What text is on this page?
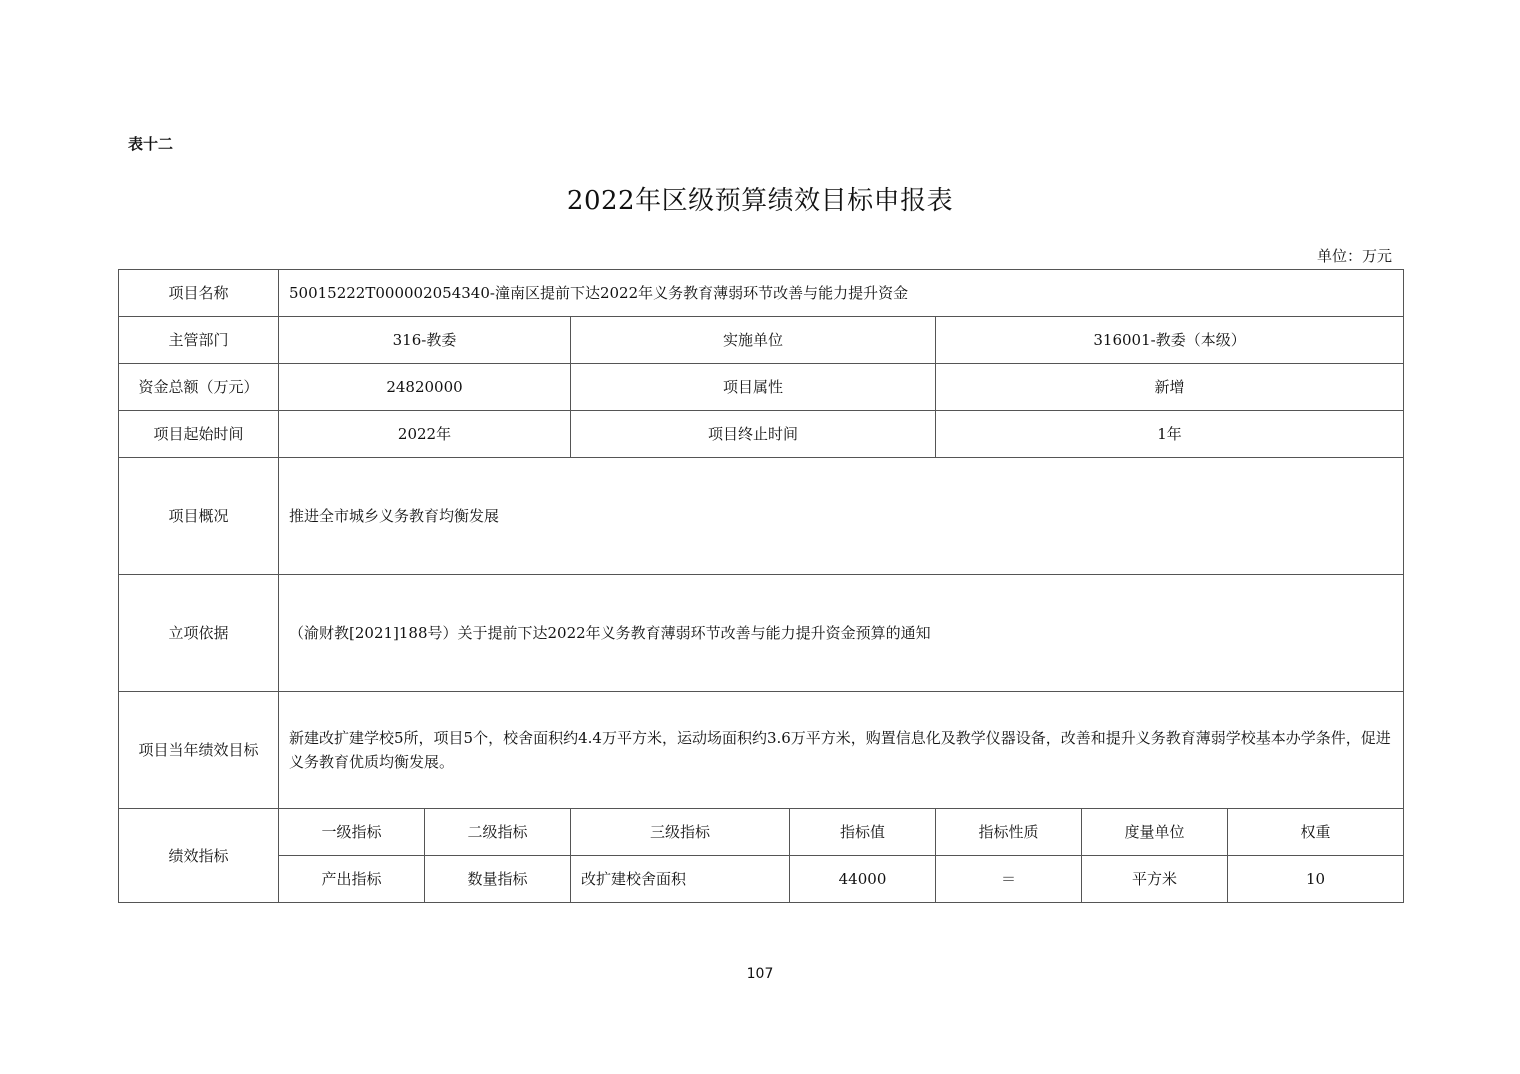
表十二
2022年区级预算绩效目标申报表
单位：万元
项目名称	50015222T000002054340-潼南区提前下达2022年义务教育薄弱环节改善与能力提升资金						
主管部门	316-教委		实施单位		316001-教委（本级）		
资金总额（万元）	24820000		项目属性		新增		
项目起始时间	2022年		项目终止时间		1年		
项目概况	推进全市城乡义务教育均衡发展						
立项依据	（渝财教[2021]188号）关于提前下达2022年义务教育薄弱环节改善与能力提升资金预算的通知						
项目当年绩效目标	新建改扩建学校5所，项目5个，校舍面积约4.4万平方米，运动场面积约3.6万平方米，购置信息化及教学仪器设备，改善和提升义务教育薄弱学校基本办学条件，促进义务教育优质均衡发展。						
绩效指标	一级指标	二级指标	三级指标	指标值	指标性质	度量单位	权重
	产出指标	数量指标	改扩建校舍面积	44000	＝	平方米	10
107
